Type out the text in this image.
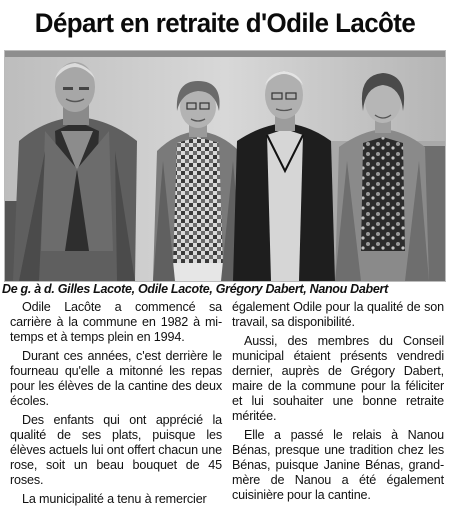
Départ en retraite d'Odile Lacôte
De g. à d. Gilles Lacote, Odile Lacote, Grégory Dabert, Nanou Dabert

Odile Lacôte a commencé sa carrière à la commune en 1982 à mi-temps et à temps plein en 1994.

Durant ces années, c'est derrière le fourneau qu'elle a mitonné les repas pour les élèves de la cantine des deux écoles.

Des enfants qui ont apprécié la qualité de ses plats, puisque les élèves actuels lui ont offert chacun une rose, soit un beau bouquet de 45 roses.

La municipalité a tenu à remercier

également Odile pour la qualité de son travail, sa disponibilité.

Aussi, des membres du Conseil municipal étaient présents vendredi dernier, auprès de Grégory Dabert, maire de la commune pour la féliciter et lui souhaiter une bonne retraite méritée.

Elle a passé le relais à Nanou Bénas, presque une tradition chez les Bénas, puisque Janine Bénas, grand-mère de Nanou a été également cuisinière pour la cantine.
